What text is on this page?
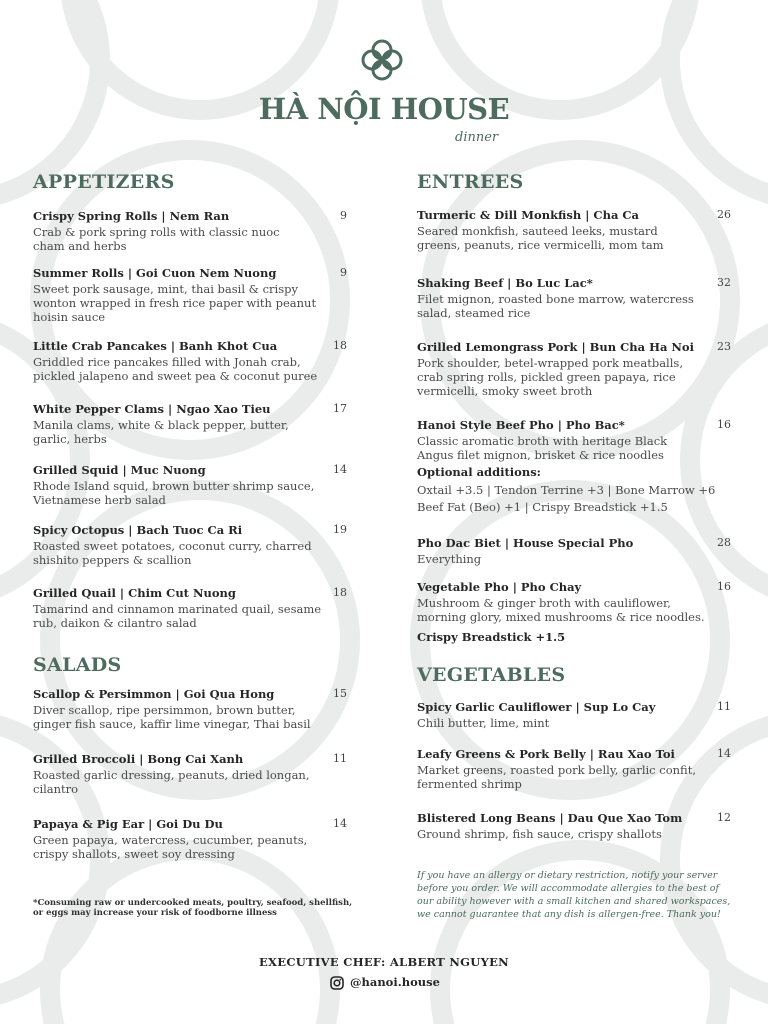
HÀ NỘI HOUSE
dinner
APPETIZERS
Crispy Spring Rolls | Nem Ran	9
Crab & pork spring rolls with classic nuoc cham and herbs
Summer Rolls | Goi Cuon Nem Nuong	9
Sweet pork sausage, mint, thai basil & crispy wonton wrapped in fresh rice paper with peanut hoisin sauce
Little Crab Pancakes | Banh Khot Cua	18
Griddled rice pancakes filled with Jonah crab, pickled jalapeno and sweet pea & coconut puree
White Pepper Clams | Ngao Xao Tieu	17
Manila clams, white & black pepper, butter, garlic, herbs
Grilled Squid | Muc Nuong	14
Rhode Island squid, brown butter shrimp sauce, Vietnamese herb salad
Spicy Octopus | Bach Tuoc Ca Ri	19
Roasted sweet potatoes, coconut curry, charred shishito peppers & scallion
Grilled Quail | Chim Cut Nuong	18
Tamarind and cinnamon marinated quail, sesame rub, daikon & cilantro salad
SALADS
Scallop & Persimmon | Goi Qua Hong	15
Diver scallop, ripe persimmon, brown butter, ginger fish sauce, kaffir lime vinegar, Thai basil
Grilled Broccoli | Bong Cai Xanh	11
Roasted garlic dressing, peanuts, dried longan, cilantro
Papaya & Pig Ear | Goi Du Du	14
Green papaya, watercress, cucumber, peanuts, crispy shallots, sweet soy dressing
ENTREES
Turmeric & Dill Monkfish | Cha Ca	26
Seared monkfish, sauteed leeks, mustard greens, peanuts, rice vermicelli, mom tam
Shaking Beef | Bo Luc Lac*	32
Filet mignon, roasted bone marrow, watercress salad, steamed rice
Grilled Lemongrass Pork | Bun Cha Ha Noi	23
Pork shoulder, betel-wrapped pork meatballs, crab spring rolls, pickled green papaya, rice vermicelli, smoky sweet broth
Hanoi Style Beef Pho | Pho Bac*	16
Classic aromatic broth with heritage Black Angus filet mignon, brisket & rice noodles
Optional additions:
Oxtail +3.5 | Tendon Terrine +3 | Bone Marrow +6
Beef Fat (Beo) +1 | Crispy Breadstick +1.5
Pho Dac Biet | House Special Pho	28
Everything
Vegetable Pho | Pho Chay	16
Mushroom & ginger broth with cauliflower, morning glory, mixed mushrooms & rice noodles.
Crispy Breadstick +1.5
VEGETABLES
Spicy Garlic Cauliflower | Sup Lo Cay	11
Chili butter, lime, mint
Leafy Greens & Pork Belly | Rau Xao Toi	14
Market greens, roasted pork belly, garlic confit, fermented shrimp
Blistered Long Beans | Dau Que Xao Tom	12
Ground shrimp, fish sauce, crispy shallots
*Consuming raw or undercooked meats, poultry, seafood, shellfish, or eggs may increase your risk of foodborne illness
If you have an allergy or dietary restriction, notify your server before you order. We will accommodate allergies to the best of our ability however with a small kitchen and shared workspaces, we cannot guarantee that any dish is allergen-free. Thank you!
EXECUTIVE CHEF: ALBERT NGUYEN
@hanoi.house
